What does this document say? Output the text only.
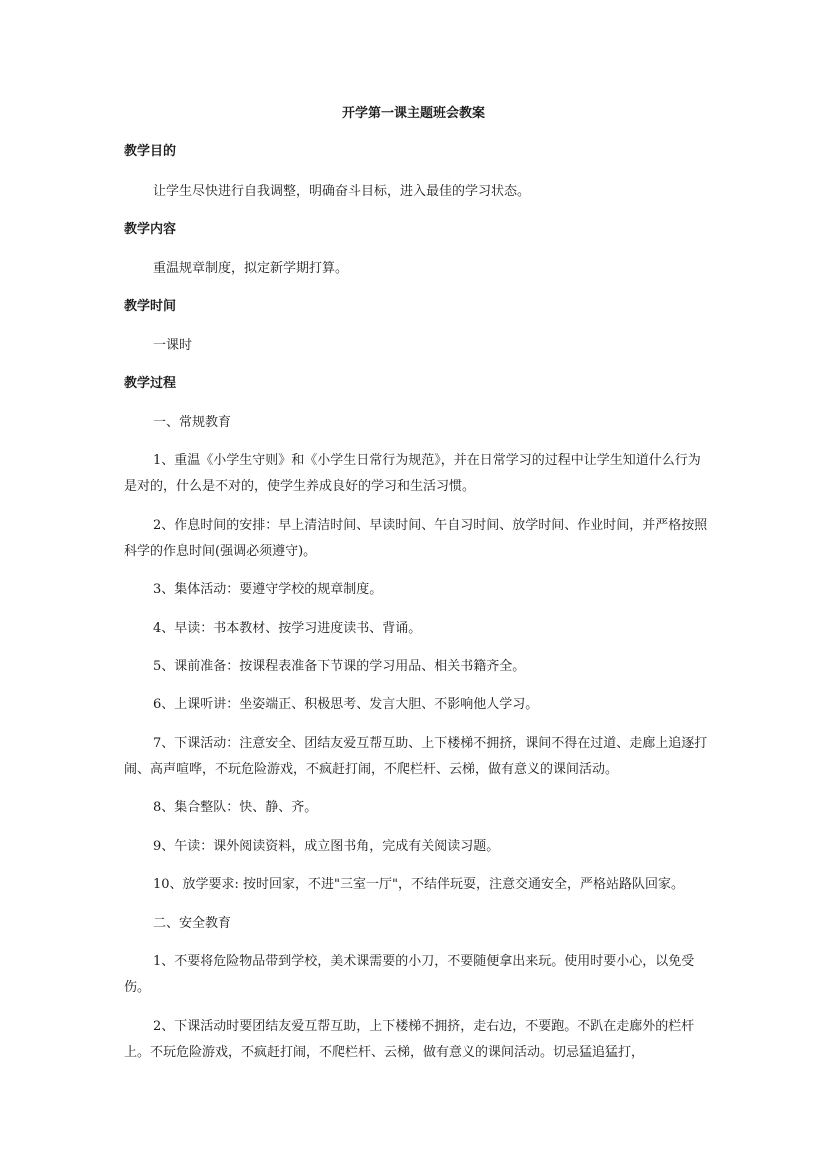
开学第一课主题班会教案
教学目的
让学生尽快进行自我调整，明确奋斗目标，进入最佳的学习状态。
教学内容
重温规章制度，拟定新学期打算。
教学时间
一课时
教学过程
一、常规教育
1、重温《小学生守则》和《小学生日常行为规范》，并在日常学习的过程中让学生知道什么行为是对的，什么是不对的，使学生养成良好的学习和生活习惯。
2、作息时间的安排：早上清洁时间、早读时间、午自习时间、放学时间、作业时间，并严格按照科学的作息时间(强调必须遵守)。
3、集体活动：要遵守学校的规章制度。
4、早读：书本教材、按学习进度读书、背诵。
5、课前准备：按课程表准备下节课的学习用品、相关书籍齐全。
6、上课听讲：坐姿端正、积极思考、发言大胆、不影响他人学习。
7、下课活动：注意安全、团结友爱互帮互助、上下楼梯不拥挤，课间不得在过道、走廊上追逐打闹、高声喧哗，不玩危险游戏，不疯赶打闹，不爬栏杆、云梯，做有意义的课间活动。
8、集合整队：快、静、齐。
9、午读：课外阅读资料，成立图书角，完成有关阅读习题。
10、放学要求: 按时回家，不进"三室一厅"，不结伴玩耍，注意交通安全，严格站路队回家。
二、安全教育
1、不要将危险物品带到学校，美术课需要的小刀，不要随便拿出来玩。使用时要小心，以免受伤。
2、下课活动时要团结友爱互帮互助，上下楼梯不拥挤，走右边，不要跑。不趴在走廊外的栏杆上。不玩危险游戏，不疯赶打闹，不爬栏杆、云梯，做有意义的课间活动。切忌猛追猛打，
